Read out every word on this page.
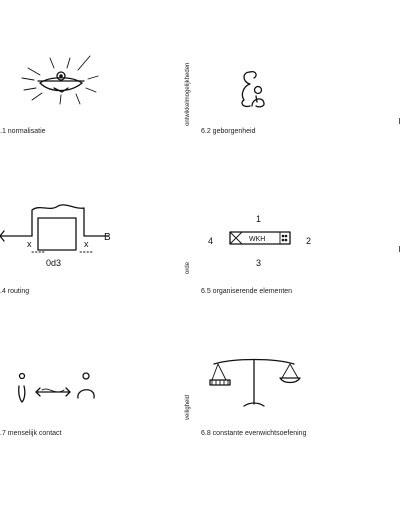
.1 normalisatie
ontwikkelmogelijkheden
6.2 geborgenheid
x	x
B
0d3
.4 routing
orde
1
4	2
3
WKH
6.5 organiserende elementen
.7 menselijk contact
veiligheid
6.8 constante evenwichtsoefening
